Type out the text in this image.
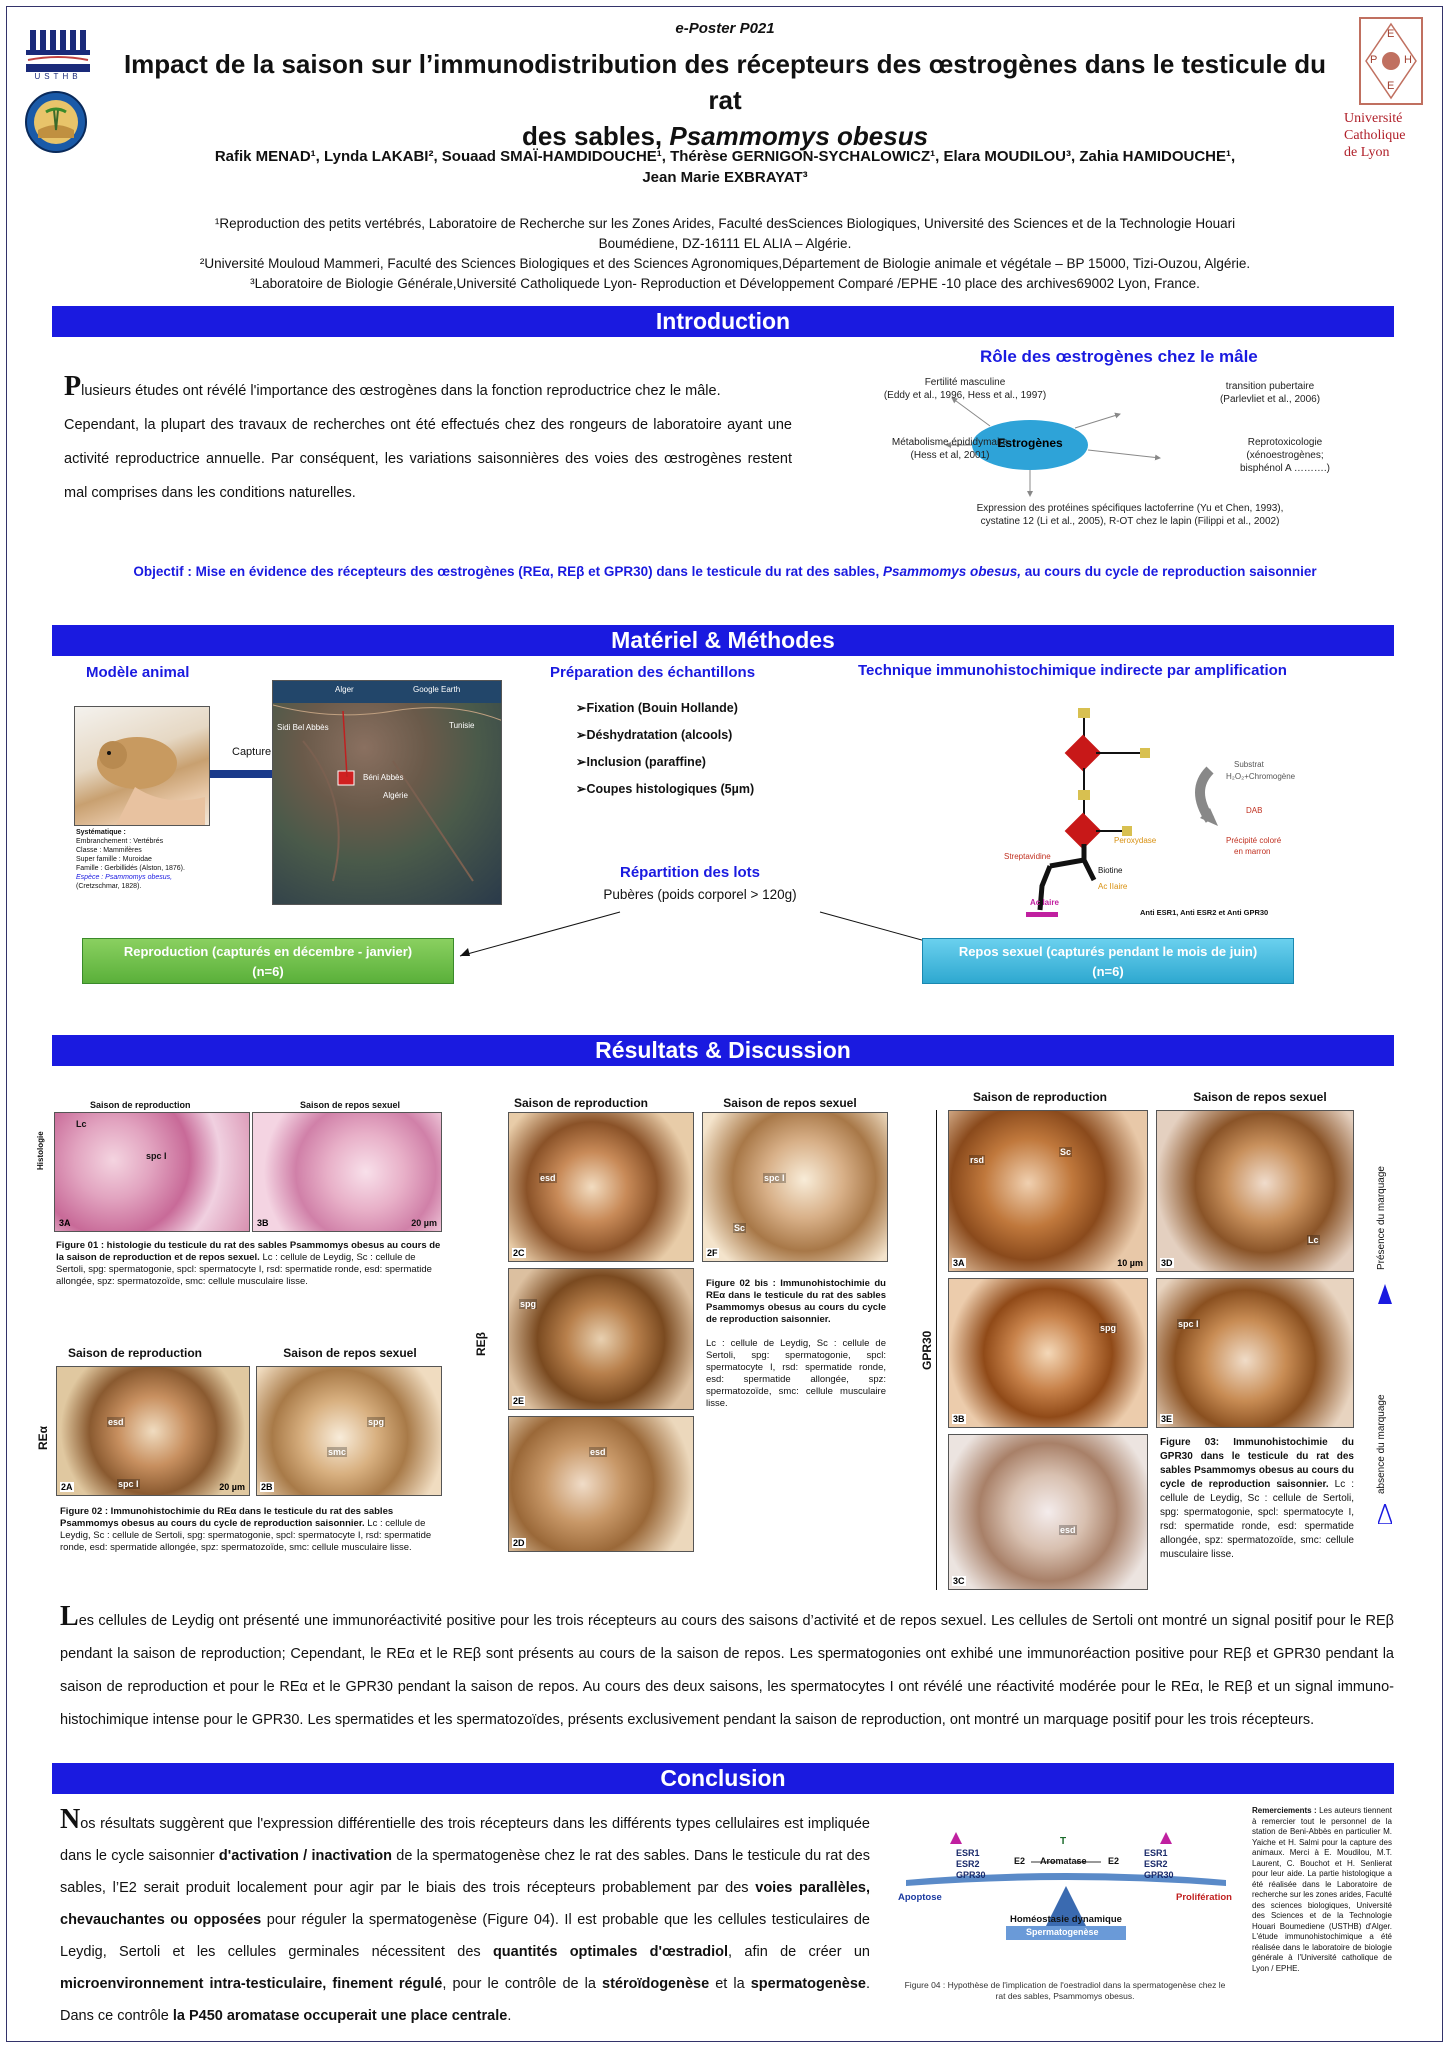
USTHB
e-Poster P021
Impact de la saison sur l’immunodistribution des récepteurs des œstrogènes dans le testicule du rat
des sables, Psammomys obesus
E
P H
E
Université
Catholique
de Lyon
Rafik MENAD¹, Lynda LAKABI², Souaad SMAÏ-HAMDIDOUCHE¹, Thérèse GERNIGON-SYCHALOWICZ¹, Elara MOUDILOU³, Zahia HAMIDOUCHE¹,
Jean Marie EXBRAYAT³
¹Reproduction des petits vertébrés, Laboratoire de Recherche sur les Zones Arides, Faculté desSciences Biologiques, Université des Sciences et de la Technologie Houari
Boumédiene, DZ-16111 EL ALIA – Algérie.
²Université Mouloud Mammeri, Faculté des Sciences Biologiques et des Sciences Agronomiques,Département de Biologie animale et végétale – BP 15000, Tizi-Ouzou, Algérie.
³Laboratoire de Biologie Générale,Université Catholiquede Lyon- Reproduction et Développement Comparé /EPHE -10 place des archives69002 Lyon, France.
Introduction
Plusieurs études ont révélé l'importance des œstrogènes dans la fonction reproductrice chez le mâle.
Cependant, la plupart des travaux de recherches ont été effectués chez des rongeurs de laboratoire ayant une activité reproductrice annuelle. Par conséquent, les variations saisonnières des voies des œstrogènes restent mal comprises dans les conditions naturelles.
Rôle des œstrogènes chez le mâle
Estrogènes
Fertilité masculine
(Eddy et al., 1996, Hess et al., 1997)
transition pubertaire
(Parlevliet et al., 2006)
Métabolisme épididymaire
(Hess et al, 2001)
Reprotoxicologie
(xénoestrogènes;
bisphénol A ……….)
Expression des protéines spécifiques lactoferrine (Yu et Chen, 1993),
cystatine 12 (Li et al., 2005), R-OT chez le lapin (Filippi et al., 2002)
Objectif : Mise en évidence des récepteurs des œstrogènes (REα, REβ et GPR30) dans le testicule du rat des sables, Psammomys obesus, au cours du cycle de reproduction saisonnier
Matériel & Méthodes
Modèle animal
Capture
Alger
Sidi Bel Abbès
Béni Abbès
Algérie
Tunisie
Google Earth
Systématique :
Embranchement : Vertébrés
Classe : Mammifères
Super famille : Muroidae
Famille : Gerbillidés (Alston, 1876).
Espèce : Psammomys obesus,
(Cretzschmar, 1828).
Préparation des échantillons
➢Fixation (Bouin Hollande)
➢Déshydratation (alcools)
➢Inclusion (paraffine)
➢Coupes histologiques (5µm)
Technique immunohistochimique indirecte par amplification
Substrat
H₂O₂+Chromogène
DAB
Précipité coloré
en marron
Peroxydase
Streptavidine
Biotine
Ac IIaire
Ac Iaire
Anti ESR1, Anti ESR2 et Anti GPR30
Répartition des lots
Pubères (poids corporel > 120g)
Reproduction (capturés en décembre - janvier)
(n=6)
Repos sexuel (capturés pendant le mois de juin)
(n=6)
Résultats & Discussion
Saison de reproduction	Saison de repos sexuel
Histologie
3A
Lc
spc I
3B	20 µm
Figure 01 : histologie du testicule du rat des sables Psammomys obesus au cours de la saison de reproduction et de repos sexuel. Lc : cellule de Leydig, Sc : cellule de Sertoli, spg: spermatogonie, spcl: spermatocyte I, rsd: spermatide ronde, esd: spermatide allongée, spz: spermatozoïde, smc: cellule musculaire lisse.
Saison de reproduction	Saison de repos sexuel
REα
2A
esd
spc I	20 µm 2B
spg
smc
Figure 02 : Immunohistochimie du REα dans le testicule du rat des sables Psammomys obesus au cours du cycle de reproduction saisonnier. Lc : cellule de Leydig, Sc : cellule de Sertoli, spg: spermatogonie, spcl: spermatocyte I, rsd: spermatide ronde, esd: spermatide allongée, spz: spermatozoïde, smc: cellule musculaire lisse.
Saison de reproduction	Saison de repos sexuel
REβ
2C
esd
2F
spc I
Sc
2E
spg
2D
esd
Figure 02 bis : Immunohistochimie du REα dans le testicule du rat des sables Psammomys obesus au cours du cycle de reproduction saisonnier.

Lc : cellule de Leydig, Sc : cellule de Sertoli, spg: spermatogonie, spcl: spermatocyte I, rsd: spermatide ronde, esd: spermatide allongée, spz: spermatozoïde, smc: cellule musculaire lisse.
Saison de reproduction	Saison de repos sexuel
GPR30
3A
rsd
Sc
10 µm 3D
Lc
3B
spg
3E
spc I
3C
esd
Figure 03: Immunohistochimie du GPR30 dans le testicule du rat des sables Psammomys obesus au cours du cycle de reproduction saisonnier. Lc : cellule de Leydig, Sc : cellule de Sertoli, spg: spermatogonie, spcl: spermatocyte I, rsd: spermatide ronde, esd: spermatide allongée, spz: spermatozoïde, smc: cellule musculaire lisse.
Présence du marquage
absence du marquage
Les cellules de Leydig ont présenté une immunoréactivité positive pour les trois récepteurs au cours des saisons d’activité et de repos sexuel. Les cellules de Sertoli ont montré un signal positif pour le REβ pendant la saison de reproduction; Cependant, le REα et le REβ sont présents au cours de la saison de repos. Les spermatogonies ont exhibé une immunoréaction positive pour REβ et GPR30 pendant la saison de reproduction et pour le REα et le GPR30 pendant la saison de repos. Au cours des deux saisons, les spermatocytes I ont révélé une réactivité modérée pour le REα, le REβ et un signal immuno-histochimique intense pour le GPR30. Les spermatides et les spermatozoïdes, présents exclusivement pendant la saison de reproduction, ont montré un marquage positif pour les trois récepteurs.
Conclusion
Nos résultats suggèrent que l'expression différentielle des trois récepteurs dans les différents types cellulaires est impliquée dans le cycle saisonnier d'activation / inactivation de la spermatogenèse chez le rat des sables. Dans le testicule du rat des sables, l’E2 serait produit localement pour agir par le biais des trois récepteurs probablement par des voies parallèles, chevauchantes ou opposées pour réguler la spermatogenèse (Figure 04). Il est probable que les cellules testiculaires de Leydig, Sertoli et les cellules germinales nécessitent des quantités optimales d'œstradiol, afin de créer un microenvironnement intra-testiculaire, finement régulé, pour le contrôle de la stéroïdogenèse et la spermatogenèse. Dans ce contrôle la P450 aromatase occuperait une place centrale.
ESR1
ESR2
GPR30
ESR1
ESR2
GPR30
T
Aromatase
E2	E2
Apoptose	Prolifération
Homéostasie dynamique
Spermatogenèse
Figure 04 : Hypothèse de l'implication de l'oestradiol dans la spermatogenèse chez le rat des sables, Psammomys obesus.
Remerciements : Les auteurs tiennent à remercier tout le personnel de la station de Beni-Abbès en particulier M. Yaiche et H. Salmi pour la capture des animaux. Merci à E. Moudilou, M.T. Laurent, C. Bouchot et H. Senlierat pour leur aide. La partie histologique a été réalisée dans le Laboratoire de recherche sur les zones arides, Faculté des sciences biologiques, Université des Sciences et de la Technologie Houari Boumediene (USTHB) d'Alger. L'étude immunohistochimique a été réalisée dans le laboratoire de biologie générale à l'Université catholique de Lyon / EPHE.
